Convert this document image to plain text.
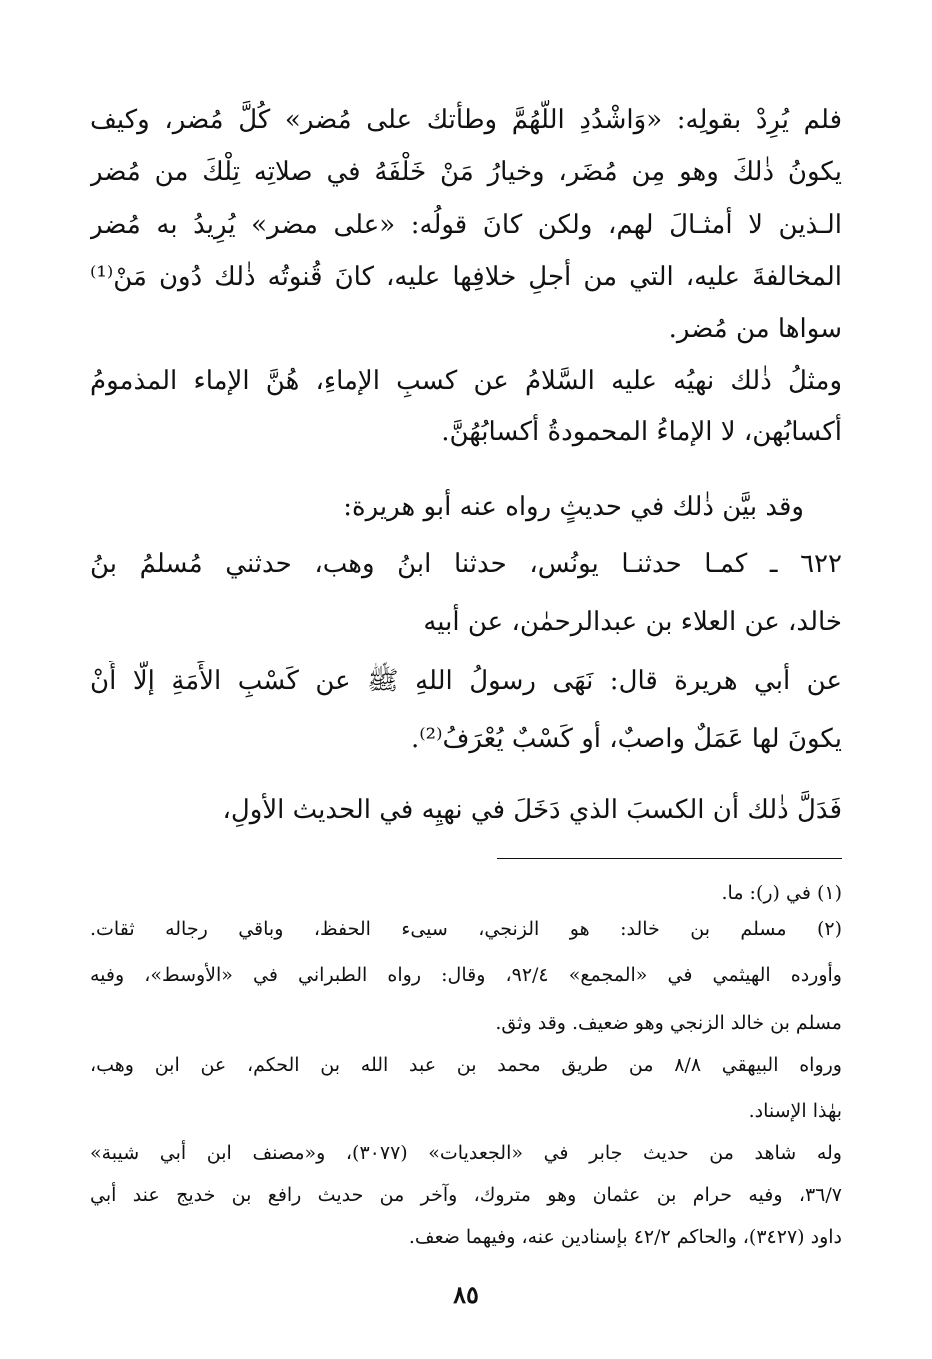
فلم يُرِدْ بقولِه: «وَاشْدُدِ اللَّهُمَّ وطأتك على مُضر» كُلَّ مُضر، وكيف
يكونُ ذٰلكَ وهو مِن مُضَر، وخيارُ مَنْ خَلْفَهُ في صلاتِه تِلْكَ من مُضر
الـذين لا أمثـالَ لهم، ولكن كانَ قولُه: «على مضر» يُرِيدُ به مُضر
المخالفةَ عليه، التي من أجلِ خلافِها عليه، كانَ قُنوتُه ذٰلك دُون مَنْ⁽¹⁾
سواها من مُضر.
ومثلُ ذٰلك نهيُه عليه السَّلامُ عن كسبِ الإماءِ، هُنَّ الإماء المذمومُ
أكسابُهن، لا الإماءُ المحمودةُ أكسابُهُنَّ.
وقد بيَّن ذٰلك في حديثٍ رواه عنه أبو هريرة:
٦٢٢ ـ كمـا حدثنـا يونُس، حدثنا ابنُ وهب، حدثني مُسلمُ بنُ
خالد، عن العلاء بن عبدالرحمٰن، عن أبيه
عن أبي هريرة قال: نَهَى رسولُ اللهِ ﷺ عن كَسْبِ الأَمَةِ إلَّا أَنْ
يكونَ لها عَمَلٌ واصبٌ، أو كَسْبٌ يُعْرَفُ⁽²⁾.
فَدَلَّ ذٰلك أن الكسبَ الذي دَخَلَ في نهيِه في الحديث الأولِ،
(١) في (ر): ما.
(٢) مسلم بن خالد: هو الزنجي، سيىء الحفظ، وباقي رجاله ثقات.
وأورده الهيثمي في «المجمع» ٩٢/٤، وقال: رواه الطبراني في «الأوسط»، وفيه
مسلم بن خالد الزنجي وهو ضعيف. وقد وثق.
ورواه البيهقي ٨/٨ من طريق محمد بن عبد الله بن الحكم، عن ابن وهب،
بهٰذا الإسناد.
وله شاهد من حديث جابر في «الجعديات» (٣٠٧٧)، و«مصنف ابن أبي شيبة»
٣٦/٧، وفيه حرام بن عثمان وهو متروك، وآخر من حديث رافع بن خديج عند أبي
داود (٣٤٢٧)، والحاكم ٤٢/٢ بإسنادين عنه، وفيهما ضعف.
٨٥
